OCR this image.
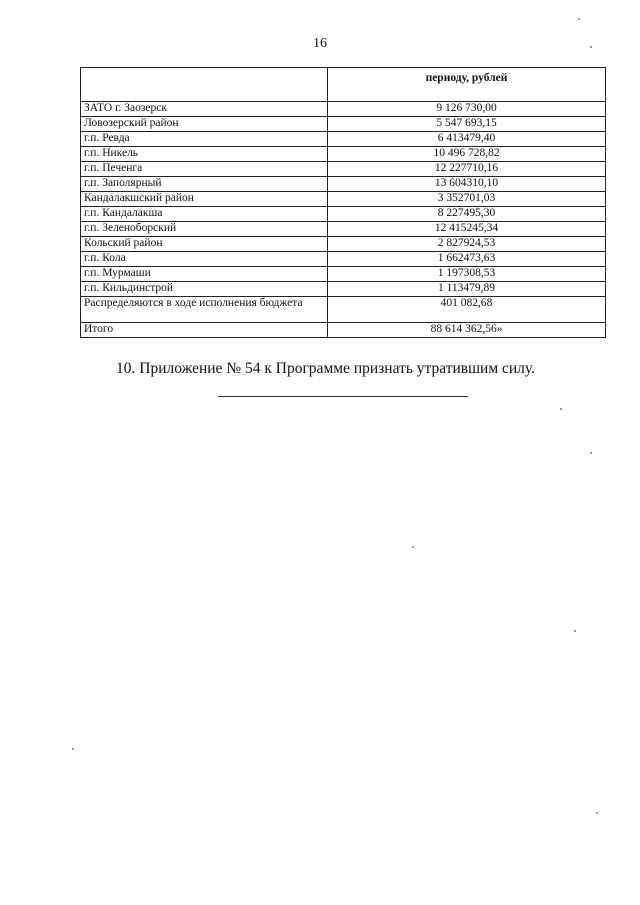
16
	периоду, рублей
ЗАТО г. Заозерск	9 126 730,00
Ловозерский район	5 547 693,15
г.п. Ревда	6 413479,40
г.п. Никель	10 496 728,82
г.п. Печенга	12 227710,16
г.п. Заполярный	13 604310,10
Кандалакшский район	3 352701,03
г.п. Кандалакша	8 227495,30
г.п. Зеленоборский	12 415245,34
Кольский район	2 827924,53
г.п. Кола	1 662473,63
г.п. Мурмаши	1 197308,53
г.п. Кильдинстрой	1 113479,89
Распределяются в ходе исполнения бюджета	401 082,68
Итого	88 614 362,56»
10. Приложение № 54 к Программе признать утратившим силу.
